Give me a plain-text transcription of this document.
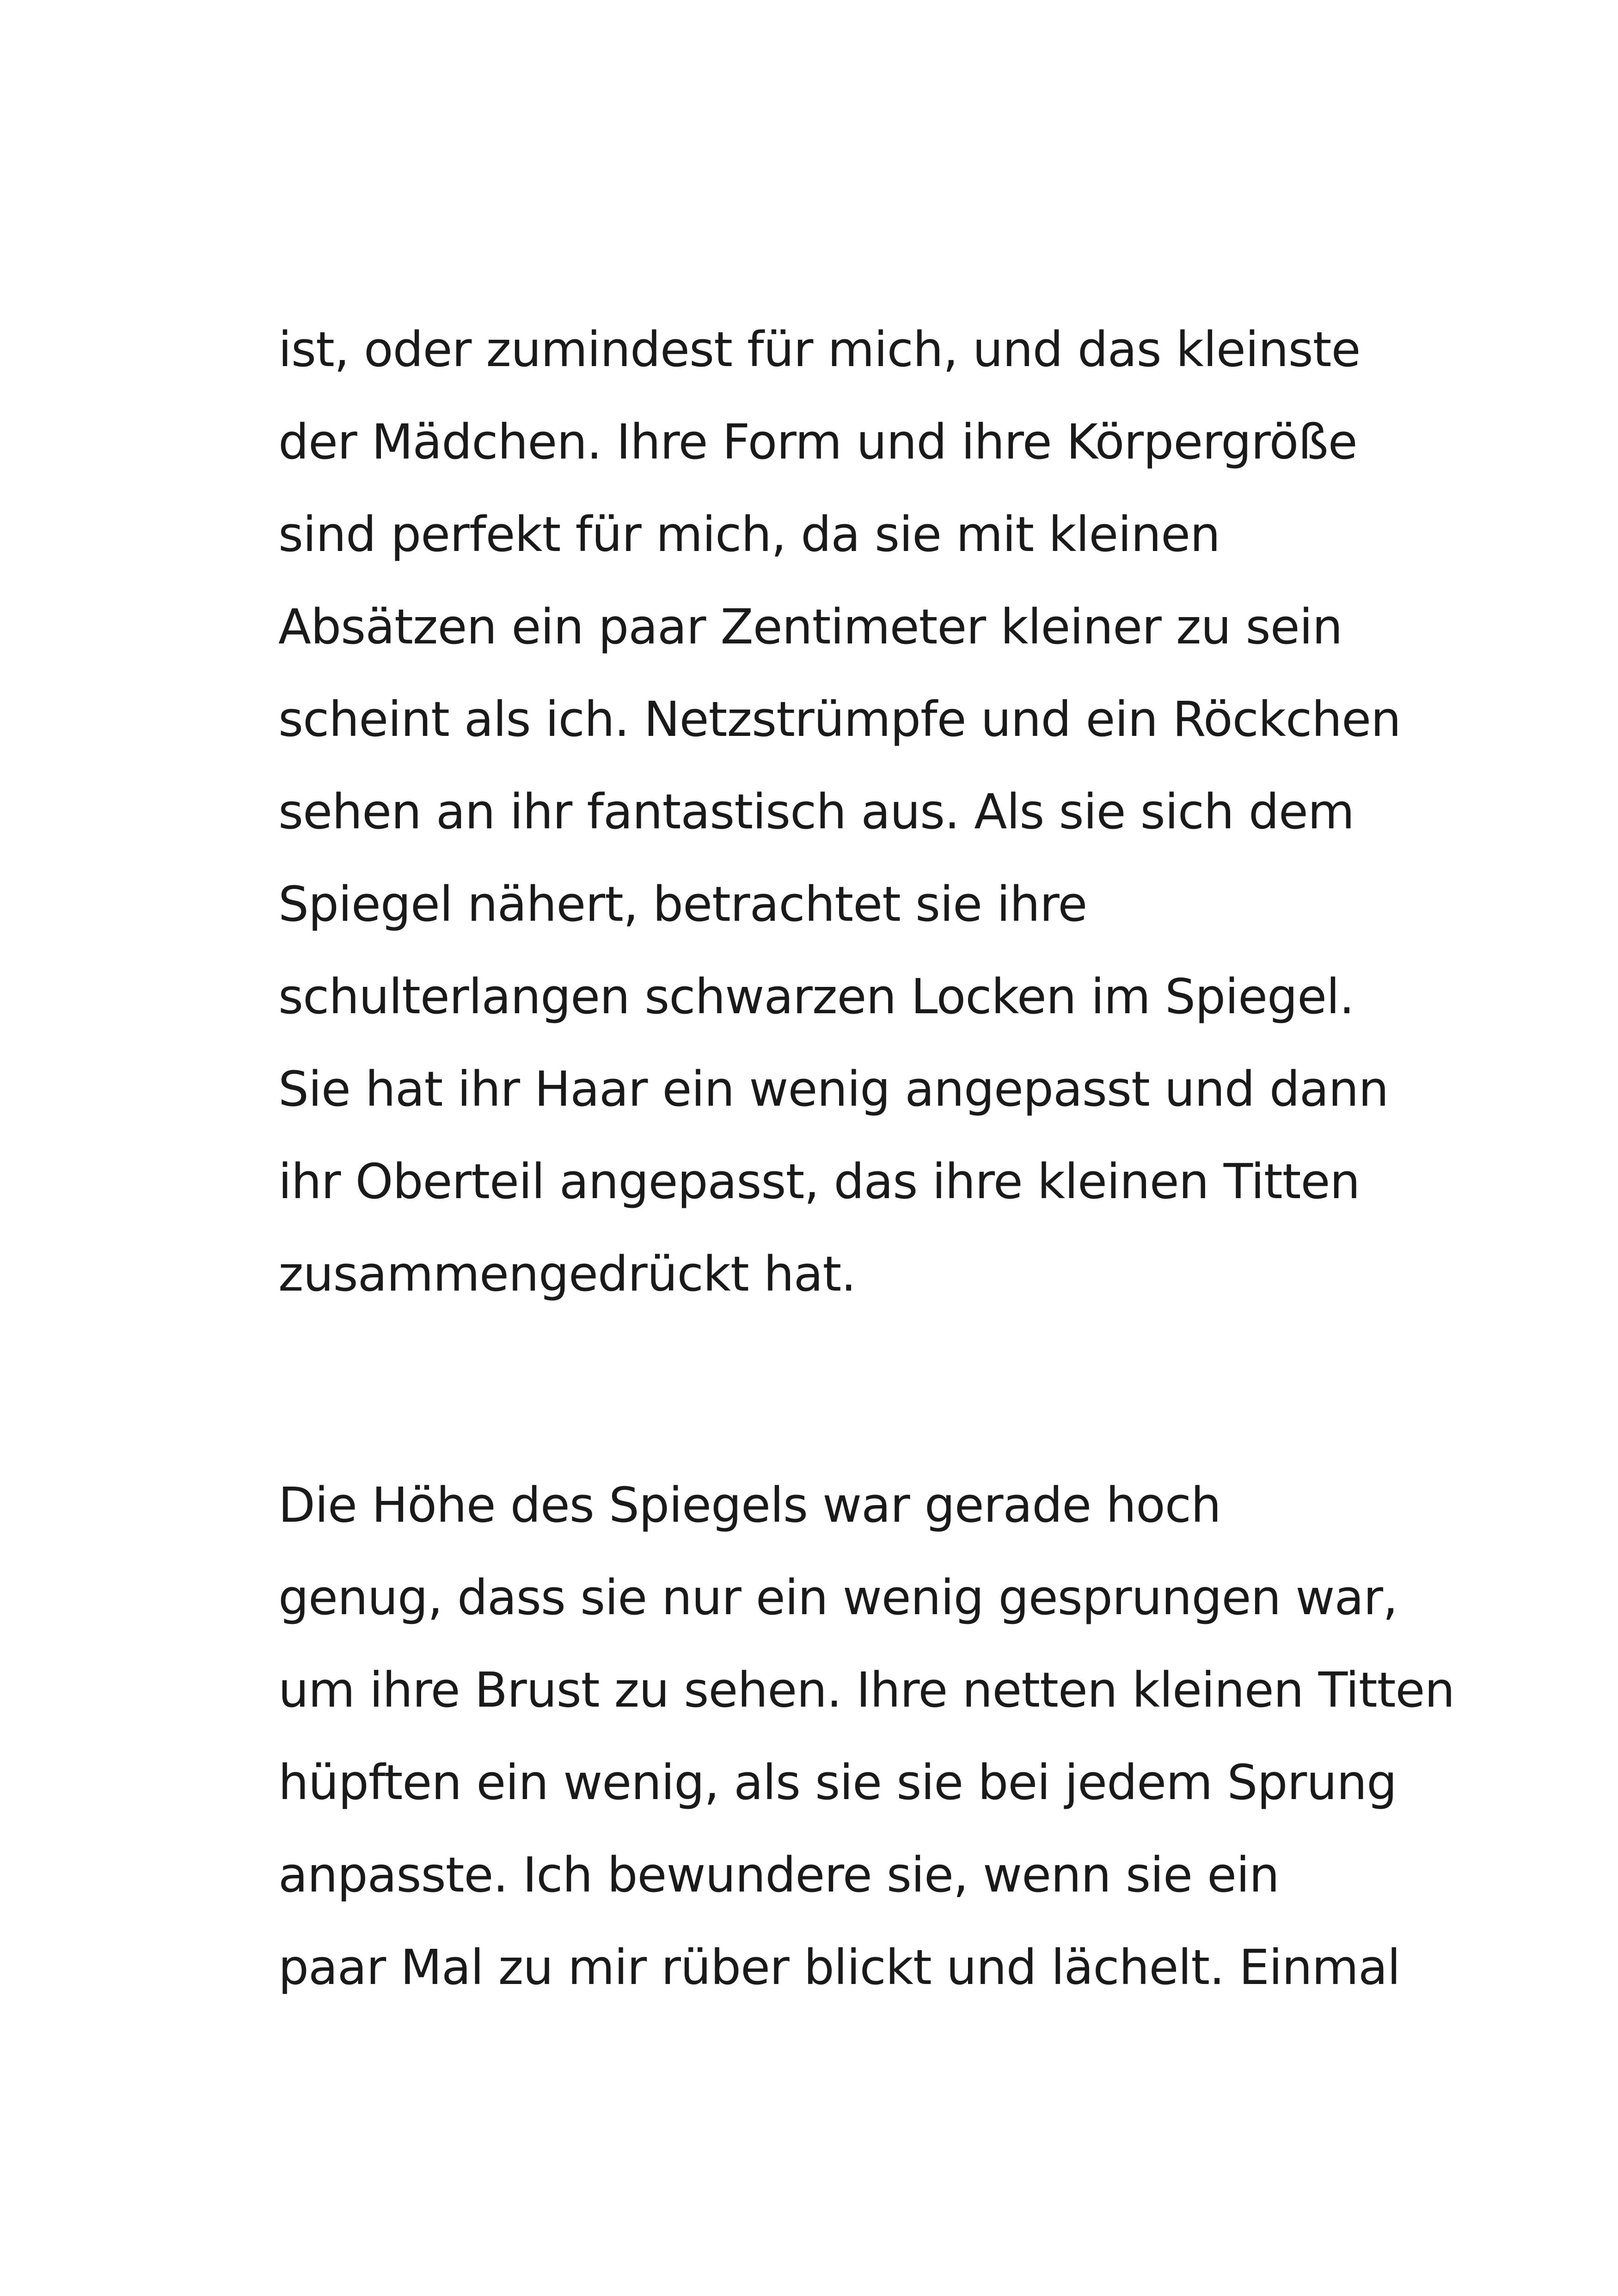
ist, oder zumindest für mich, und das kleinste
der Mädchen. Ihre Form und ihre Körpergröße
sind perfekt für mich, da sie mit kleinen
Absätzen ein paar Zentimeter kleiner zu sein
scheint als ich. Netzstrümpfe und ein Röckchen
sehen an ihr fantastisch aus. Als sie sich dem
Spiegel nähert, betrachtet sie ihre
schulterlangen schwarzen Locken im Spiegel.
Sie hat ihr Haar ein wenig angepasst und dann
ihr Oberteil angepasst, das ihre kleinen Titten
zusammengedrückt hat.

Die Höhe des Spiegels war gerade hoch
genug, dass sie nur ein wenig gesprungen war,
um ihre Brust zu sehen. Ihre netten kleinen Titten
hüpften ein wenig, als sie sie bei jedem Sprung
anpasste. Ich bewundere sie, wenn sie ein
paar Mal zu mir rüber blickt und lächelt. Einmal
